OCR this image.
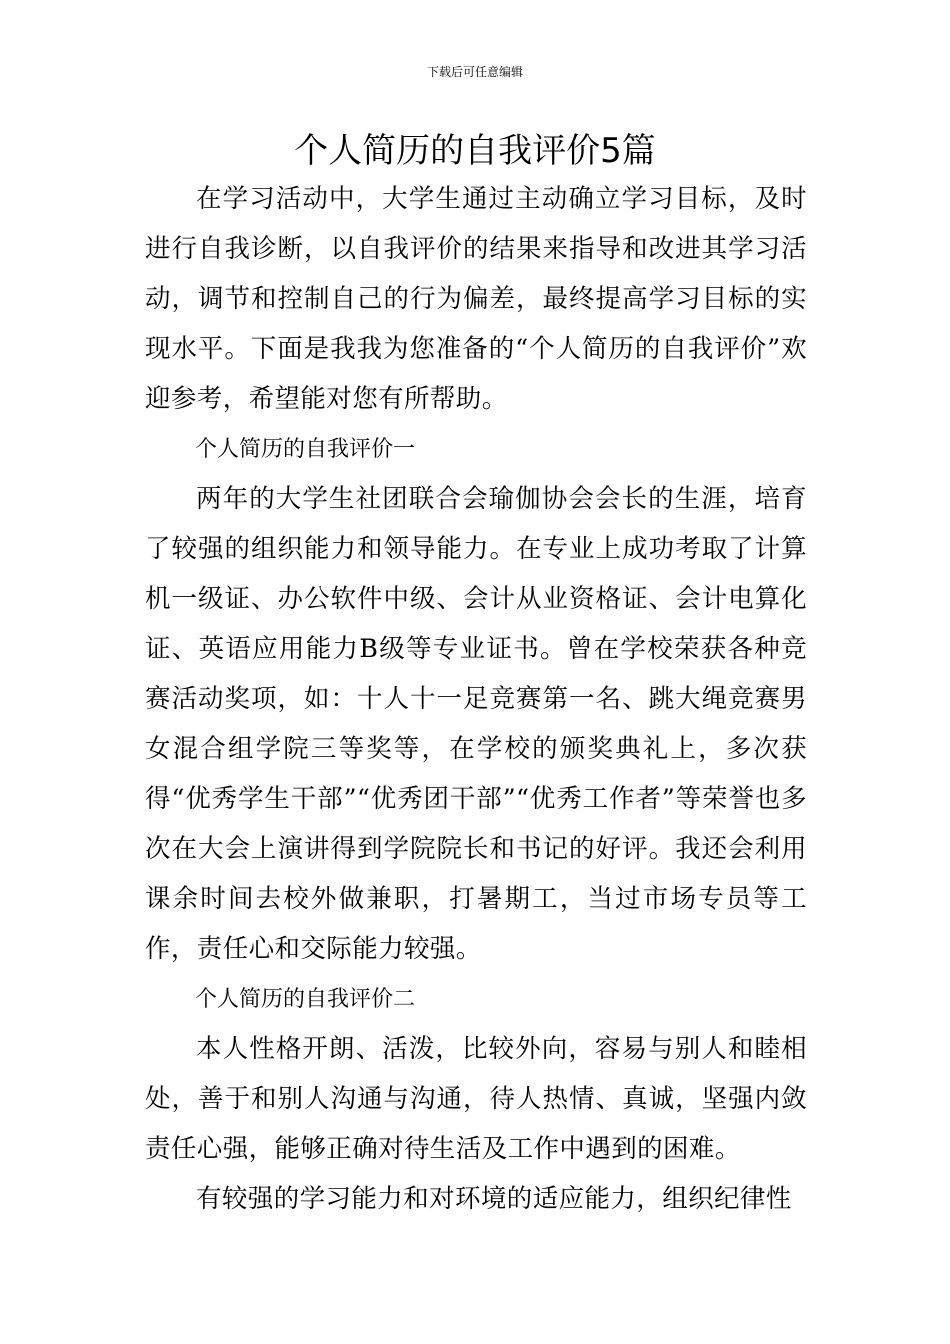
下载后可任意编辑
个人简历的自我评价5篇

在学习活动中，大学生通过主动确立学习目标，及时进行自我诊断，以自我评价的结果来指导和改进其学习活动，调节和控制自己的行为偏差，最终提高学习目标的实现水平。下面是我我为您准备的“个人简历的自我评价”欢迎参考，希望能对您有所帮助。

个人简历的自我评价一

两年的大学生社团联合会瑜伽协会会长的生涯，培育了较强的组织能力和领导能力。在专业上成功考取了计算机一级证、办公软件中级、会计从业资格证、会计电算化证、英语应用能力B级等专业证书。曾在学校荣获各种竞赛活动奖项，如：十人十一足竞赛第一名、跳大绳竞赛男女混合组学院三等奖等，在学校的颁奖典礼上，多次获得“优秀学生干部”“优秀团干部”“优秀工作者”等荣誉也多次在大会上演讲得到学院院长和书记的好评。我还会利用课余时间去校外做兼职，打暑期工，当过市场专员等工作，责任心和交际能力较强。

个人简历的自我评价二

本人性格开朗、活泼，比较外向，容易与别人和睦相处，善于和别人沟通与沟通，待人热情、真诚，坚强内敛责任心强，能够正确对待生活及工作中遇到的困难。

有较强的学习能力和对环境的适应能力，组织纪律性
